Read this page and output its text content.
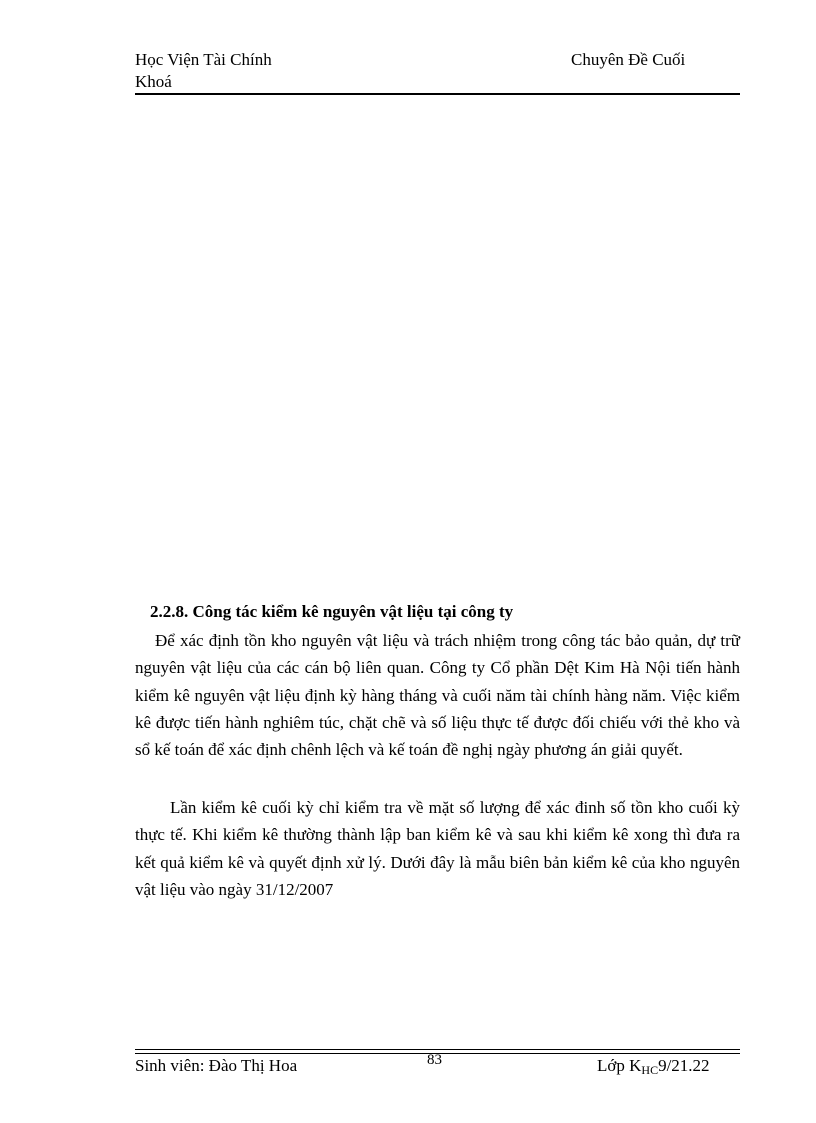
Học Viện Tài Chính
Khoá
Chuyên Đề Cuối
2.2.8. Công tác kiểm kê nguyên vật liệu tại công ty

Để xác định tồn kho nguyên vật liệu và trách nhiệm trong công tác bảo quản, dự trữ nguyên vật liệu của các cán bộ liên quan. Công ty Cổ phần Dệt Kim Hà Nội tiến hành kiểm kê nguyên vật liệu định kỳ hàng tháng và cuối năm tài chính hàng năm. Việc kiểm kê được tiến hành nghiêm túc, chặt chẽ và số liệu thực tế được đối chiếu với thẻ kho và sổ kế toán để xác định chênh lệch và kế toán đề nghị ngày phương án giải quyết.

Lần kiểm kê cuối kỳ chỉ kiểm tra về mặt số lượng để xác đinh số tồn kho cuối kỳ thực tế. Khi kiểm kê thường thành lập ban kiểm kê và sau khi kiểm kê xong thì đưa ra kết quả kiểm kê và quyết định xử lý. Dưới đây là mẫu biên bản kiểm kê của kho nguyên vật liệu vào ngày 31/12/2007

Sinh viên: Đào Thị Hoa	83	Lớp $K_{HC}9/21.22$
